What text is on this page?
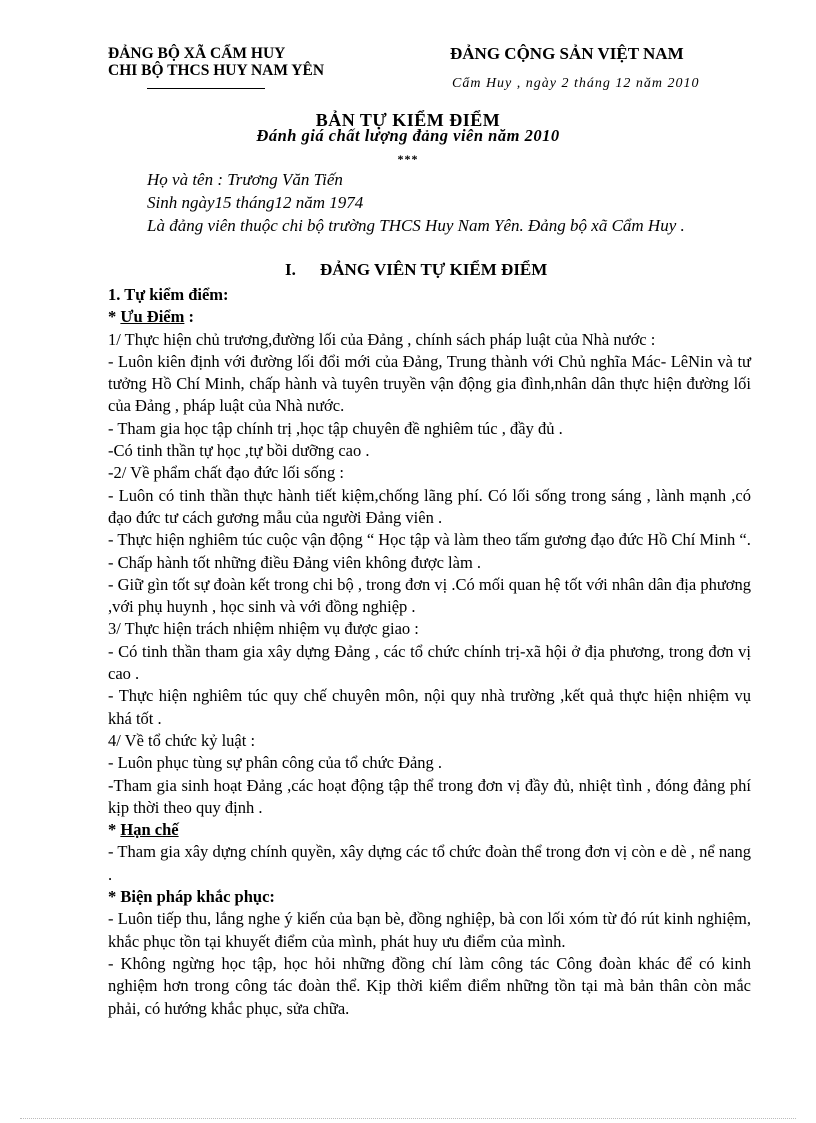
ĐẢNG BỘ XÃ CẨM HUY
CHI BỘ THCS HUY NAM YÊN
ĐẢNG CỘNG SẢN VIỆT NAM
Cẩm Huy , ngày 2 tháng 12 năm 2010
BẢN TỰ KIỂM ĐIỂM
Đánh giá chất lượng đảng viên năm 2010
***
Họ và tên : Trương Văn Tiến
Sinh ngày15 tháng12 năm 1974
Là đảng viên thuộc chi bộ trường THCS Huy Nam Yên. Đảng bộ xã Cẩm Huy .
I. ĐẢNG VIÊN TỰ KIỂM ĐIỂM

1. Tự kiểm điểm:

* Ưu Điểm :

1/ Thực hiện chủ trương,đường lối của Đảng , chính sách pháp luật của Nhà nước :

- Luôn kiên định với đường lối đổi mới của Đảng, Trung thành với Chủ nghĩa Mác- LêNin và tư tưởng Hồ Chí Minh, chấp hành và tuyên truyền vận động gia đình,nhân dân thực hiện đường lối của Đảng , pháp luật của Nhà nước.

- Tham gia học tập chính trị ,học tập chuyên đề nghiêm túc , đầy đủ .

-Có tinh thần tự học ,tự bồi dưỡng cao .

-2/ Về phẩm chất đạo đức lối sống :

- Luôn có tinh thần thực hành tiết kiệm,chống lãng phí. Có lối sống trong sáng , lành mạnh ,có đạo đức tư cách gương mẫu của người Đảng viên .

- Thực hiện nghiêm túc cuộc vận động “ Học tập và làm theo tấm gương đạo đức Hồ Chí Minh “.

- Chấp hành tốt những điều Đảng viên không được làm .

- Giữ gìn tốt sự đoàn kết trong chi bộ , trong đơn vị .Có mối quan hệ tốt với nhân dân địa phương ,với phụ huynh , học sinh và với đồng nghiệp .

3/ Thực hiện trách nhiệm nhiệm vụ được giao :

- Có tinh thần tham gia xây dựng Đảng , các tổ chức chính trị-xã hội ở địa phương, trong đơn vị cao .

- Thực hiện nghiêm túc quy chế chuyên môn, nội quy nhà trường ,kết quả thực hiện nhiệm vụ khá tốt .

4/ Về tổ chức kỷ luật :

- Luôn phục tùng sự phân công của tổ chức Đảng .

-Tham gia sinh hoạt Đảng ,các hoạt động tập thể trong đơn vị đầy đủ, nhiệt tình , đóng đảng phí kịp thời theo quy định .

* Hạn chế

- Tham gia xây dựng chính quyền, xây dựng các tổ chức đoàn thể trong đơn vị còn e dè , nể nang .

* Biện pháp khắc phục:

- Luôn tiếp thu, lắng nghe ý kiến của bạn bè, đồng nghiệp, bà con lối xóm từ đó rút kinh nghiệm, khắc phục tồn tại khuyết điểm của mình, phát huy ưu điểm của mình.

- Không ngừng học tập, học hỏi những đồng chí làm công tác Công đoàn khác để có kinh nghiệm hơn trong công tác đoàn thể. Kịp thời kiểm điểm những tồn tại mà bản thân còn mắc phải, có hướng khắc phục, sửa chữa.
